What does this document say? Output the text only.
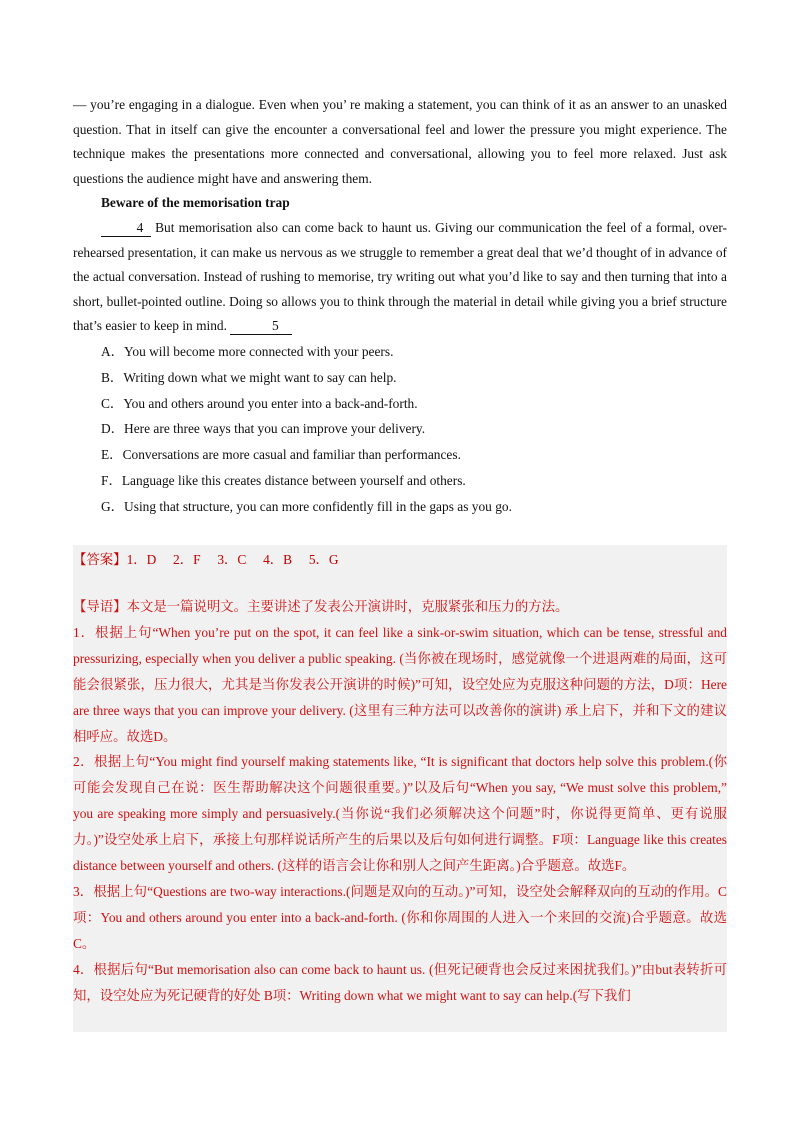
— you’re engaging in a dialogue. Even when you’ re making a statement, you can think of it as an answer to an unasked question. That in itself can give the encounter a conversational feel and lower the pressure you might experience. The technique makes the presentations more connected and conversational, allowing you to feel more relaxed. Just ask questions the audience might have and answering them.

Beware of the memorisation trap

4 But memorisation also can come back to haunt us. Giving our communication the feel of a formal, over-rehearsed presentation, it can make us nervous as we struggle to remember a great deal that we’d thought of in advance of the actual conversation. Instead of rushing to memorise, try writing out what you’d like to say and then turning that into a short, bullet-pointed outline. Doing so allows you to think through the material in detail while giving you a brief structure that’s easier to keep in mind.	5

A．You will become more connected with your peers.
B．Writing down what we might want to say can help.
C．You and others around you enter into a back-and-forth.
D．Here are three ways that you can improve your delivery.
E．Conversations are more casual and familiar than performances.
F．Language like this creates distance between yourself and others.
G．Using that structure, you can more confidently fill in the gaps as you go.

【答案】1．D　 2．F　 3．C　 4．B　 5．G

【导语】本文是一篇说明文。主要讲述了发表公开演讲时，克服紧张和压力的方法。

1．根据上句“When you’re put on the spot, it can feel like a sink-or-swim situation, which can be tense, stressful and pressurizing, especially when you deliver a public speaking. (当你被在现场时，感觉就像一个进退两难的局面，这可能会很紧张，压力很大，尤其是当你发表公开演讲的时候)”可知，设空处应为克服这种问题的方法，D项：Here are three ways that you can improve your delivery. (这里有三种方法可以改善你的演讲) 承上启下，并和下文的建议相呼应。故选D。

2．根据上句“You might find yourself making statements like, “It is significant that doctors help solve this problem.(你可能会发现自己在说：医生帮助解决这个问题很重要。)”以及后句“When you say, “We must solve this problem,” you are speaking more simply and persuasively.(当你说“我们必须解决这个问题”时，你说得更简单、更有说服力。)”设空处承上启下，承接上句那样说话所产生的后果以及后句如何进行调整。F项：Language like this creates distance between yourself and others. (这样的语言会让你和别人之间产生距离。)合乎题意。故选F。

3．根据上句“Questions are two-way interactions.(问题是双向的互动。)”可知，设空处会解释双向的互动的作用。C项：You and others around you enter into a back-and-forth. (你和你周围的人进入一个来回的交流)合乎题意。故选C。

4．根据后句“But memorisation also can come back to haunt us. (但死记硬背也会反过来困扰我们。)”由but表转折可知，设空处应为死记硬背的好处 B项：Writing down what we might want to say can help.(写下我们
